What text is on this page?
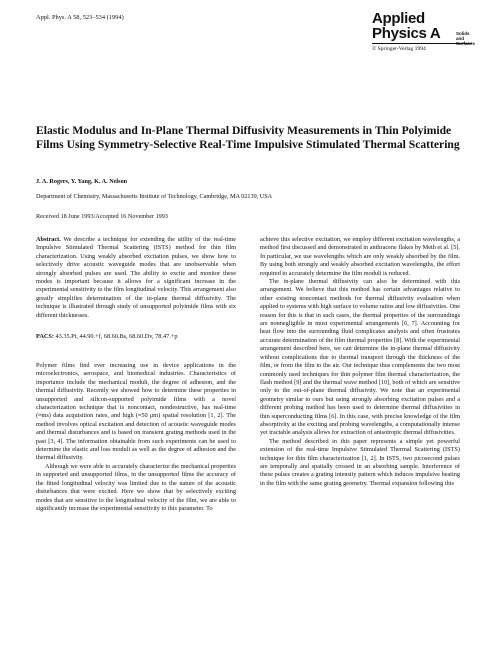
Appl. Phys. A 58, 523–534 (1994)	Applied
Physics A	Solids
and
Surfaces
© Springer-Verlag 1994
Elastic Modulus and In-Plane Thermal Diffusivity Measurements in Thin Polyimide Films Using Symmetry-Selective Real-Time Impulsive Stimulated Thermal Scattering
J. A. Rogers, Y. Yang, K. A. Nelson
Department of Chemistry, Massachusetts Institute of Technology, Cambridge, MA 02139, USA
Received 18 June 1993/Accepted 16 November 1993

Abstract. We describe a technique for extending the utility of the real-time Impulsive Stimulated Thermal Scattering (ISTS) method for thin film characterization. Using weakly absorbed excitation pulses, we show how to selectively drive acoustic waveguide modes that are unobservable when strongly absorbed pulses are used. The ability to excite and monitor these modes is important because it allows for a significant increase in the experimental sensitivity to the film longitudinal velocity. This arrangement also greatly simplifies determination of the in-plane thermal diffusivity. The technique is illustrated through study of unsupported polyimide films with six different thicknesses.

PACS: 43.35.Pt, 44.90.+f, 68.60.Bs, 68.60.Dv, 78.47.+p

Polymer films find ever increasing use in device applications in the microelectronics, aerospace, and biomedical industries. Characteristics of importance include the mechanical moduli, the degree of adhesion, and the thermal diffusivity. Recently we showed how to determine these properties in unsupported and silicon-supported polyimide films with a novel characterization technique that is noncontact, nondestructive, has real-time (≈ms) data acquisition rates, and high (≈50 μm) spatial resolution [1, 2]. The method involves optical excitation and detection of acoustic waveguide modes and thermal disturbances and is based on transient grating methods used in the past [3, 4]. The information obtainable from such experiments can be used to determine the elastic and loss moduli as well as the degree of adhesion and the thermal diffusivity.

Although we were able to accurately characterize the mechanical properties in supported and unsupported films, in the unsupported films the accuracy of the fitted longitudinal velocity was limited due to the nature of the acoustic disturbances that were excited. Here we show that by selectively exciting modes that are sensitive to the longitudinal velocity of the film, we are able to significantly increase the experimental sensitivity to this parameter. To

achieve this selective excitation, we employ different excitation wavelengths, a method first discussed and demonstrated in anthracene flakes by Meth et al. [5]. In particular, we use wavelengths which are only weakly absorbed by the film. By using both strongly and weakly absorbed excitation wavelengths, the effort required to accurately determine the film moduli is reduced.

The in-plane thermal diffusivity can also be determined with this arrangement. We believe that this method has certain advantages relative to other existing noncontact methods for thermal diffusivity evaluation when applied to systems with high surface to volume ratios and low diffusivities. One reason for this is that in such cases, the thermal properties of the surroundings are nonnegligible in most experimental arrangements [6, 7]. Accounting for heat flow into the surrounding fluid complicates analysis and often frustrates accurate determination of the film thermal properties [8]. With the experimental arrangement described here, we can determine the in-plane thermal diffusivity without complications due to thermal transport through the thickness of the film, or from the film to the air. Our technique thus complements the two most commonly used techniques for thin polymer film thermal characterization, the flash method [9] and the thermal wave method [10], both of which are sensitive only to the out-of-plane thermal diffusivity. We note that an experimental geometry similar to ours but using strongly absorbing excitation pulses and a different probing method has been used to determine thermal diffusivities in thin superconducting films [6]. In this case, with precise knowledge of the film absorptivity at the exciting and probing wavelengths, a computationally intense yet tractable analysis allows for extraction of anisotropic thermal diffusivities.

The method described in this paper represents a simple yet powerful extension of the real-time Impulsive Stimulated Thermal Scattering (ISTS) technique for thin film characterization [1, 2]. In ISTS, two picosecond pulses are temporally and spatially crossed in an absorbing sample. Interference of these pulses creates a grating intensity pattern which induces impulsive heating in the film with the same grating geometry. Thermal expansion following this
